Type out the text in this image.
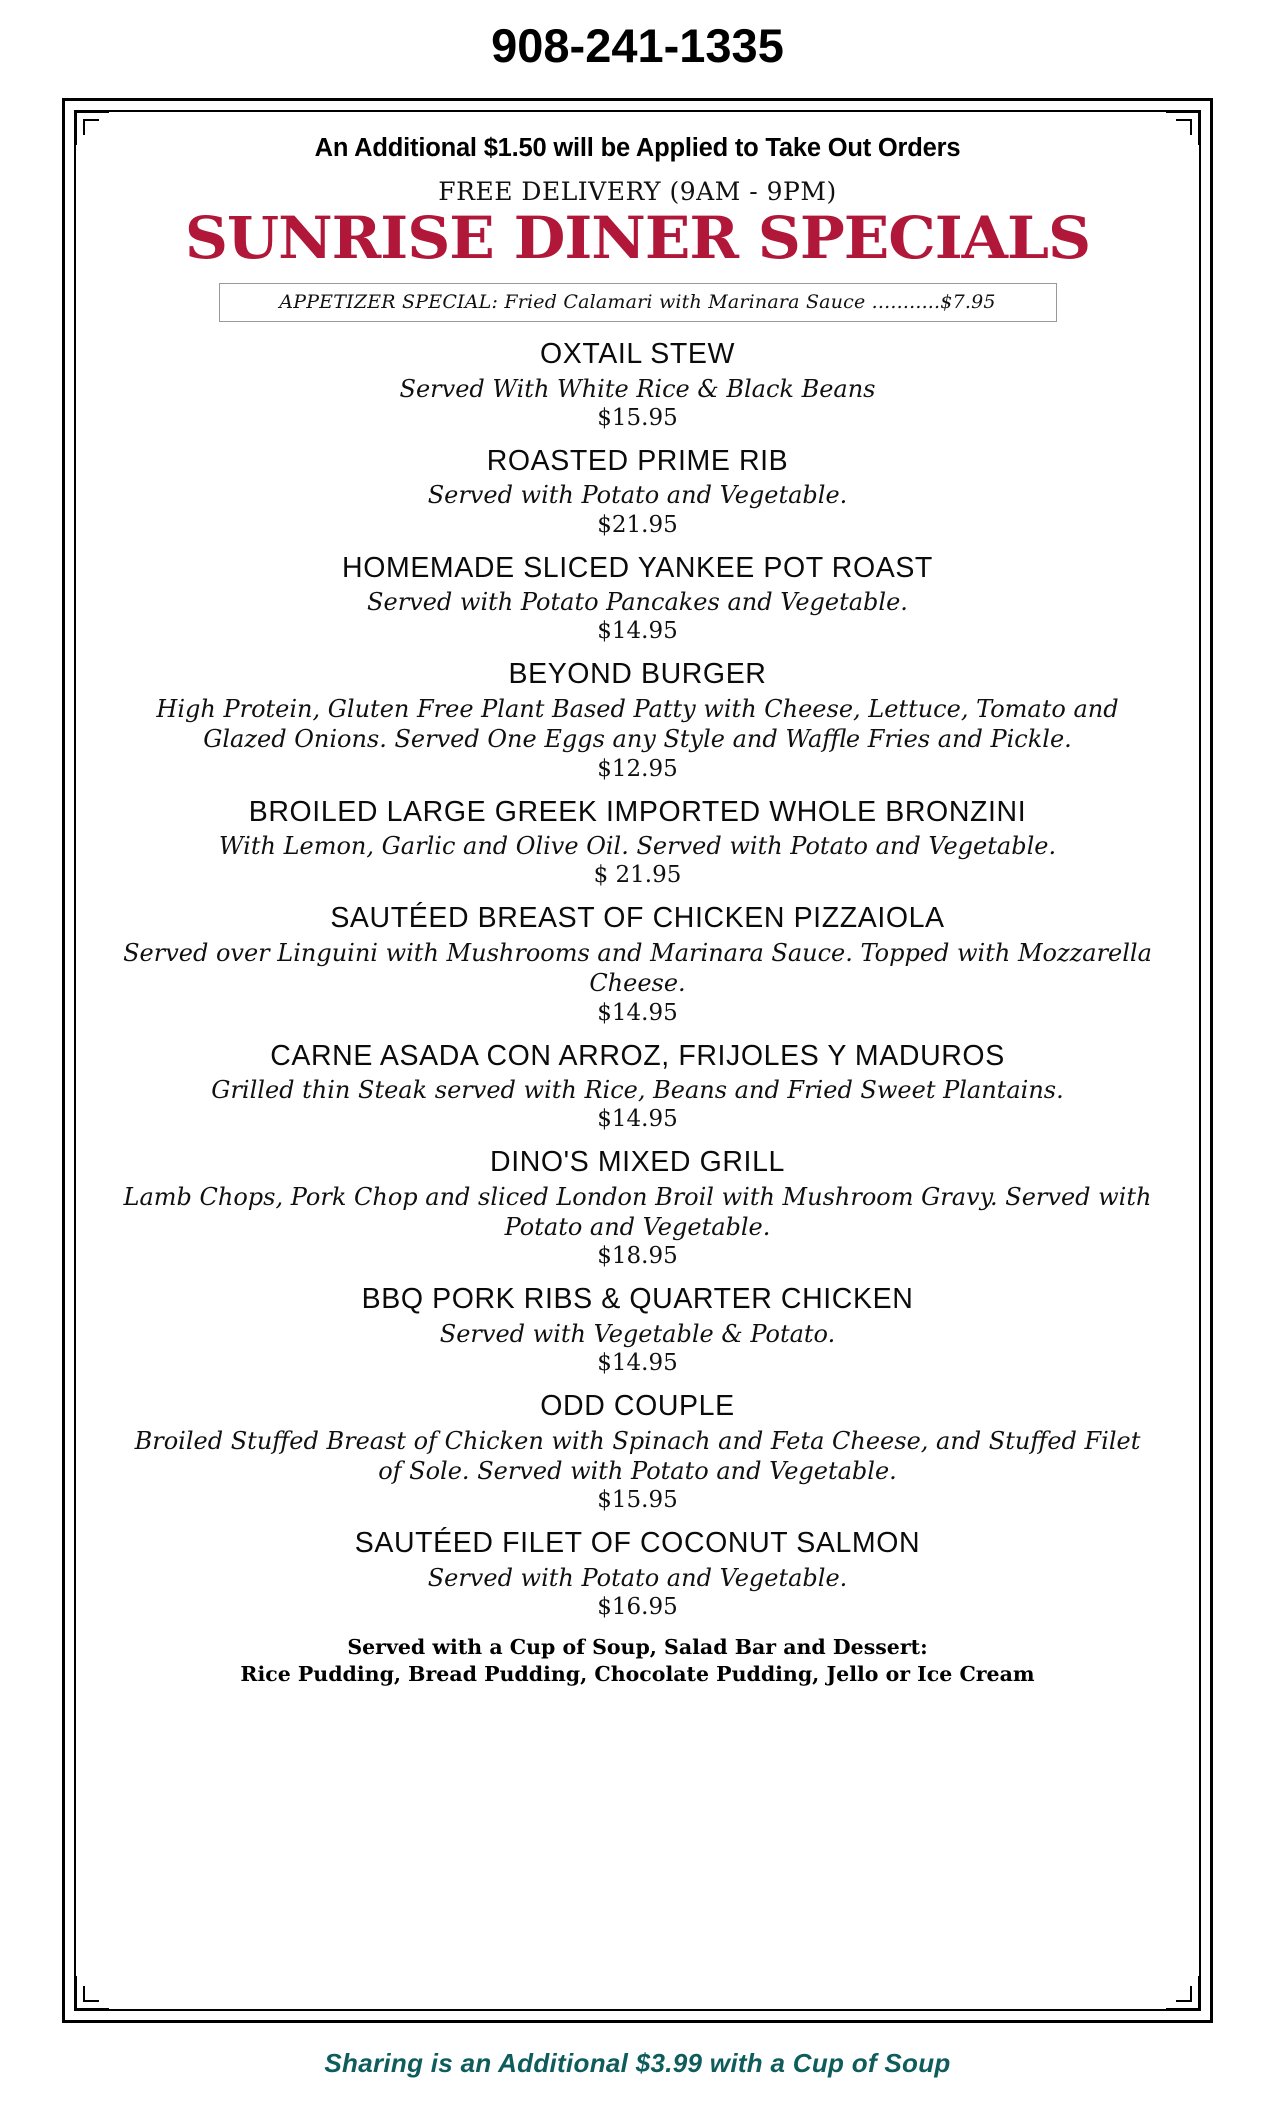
908-241-1335
An Additional $1.50 will be Applied to Take Out Orders
FREE DELIVERY (9AM - 9PM)
SUNRISE DINER SPECIALS
APPETIZER SPECIAL: Fried Calamari with Marinara Sauce ...........$7.95
OXTAIL STEW
Served With White Rice & Black Beans
$15.95
ROASTED PRIME RIB
Served with Potato and Vegetable.
$21.95
HOMEMADE SLICED YANKEE POT ROAST
Served with Potato Pancakes and Vegetable.
$14.95
BEYOND BURGER
High Protein, Gluten Free Plant Based Patty with Cheese, Lettuce, Tomato and Glazed Onions. Served One Eggs any Style and Waffle Fries and Pickle.
$12.95
BROILED LARGE GREEK IMPORTED WHOLE BRONZINI
With Lemon, Garlic and Olive Oil. Served with Potato and Vegetable.
$ 21.95
SAUTÉED BREAST OF CHICKEN PIZZAIOLA
Served over Linguini with Mushrooms and Marinara Sauce. Topped with Mozzarella Cheese.
$14.95
CARNE ASADA CON ARROZ, FRIJOLES Y MADUROS
Grilled thin Steak served with Rice, Beans and Fried Sweet Plantains.
$14.95
DINO'S MIXED GRILL
Lamb Chops, Pork Chop and sliced London Broil with Mushroom Gravy. Served with Potato and Vegetable.
$18.95
BBQ PORK RIBS & QUARTER CHICKEN
Served with Vegetable & Potato.
$14.95
ODD COUPLE
Broiled Stuffed Breast of Chicken with Spinach and Feta Cheese, and Stuffed Filet of Sole. Served with Potato and Vegetable.
$15.95
SAUTÉED FILET OF COCONUT SALMON
Served with Potato and Vegetable.
$16.95
Served with a Cup of Soup, Salad Bar and Dessert:
Rice Pudding, Bread Pudding, Chocolate Pudding, Jello or Ice Cream
Sharing is an Additional $3.99 with a Cup of Soup
